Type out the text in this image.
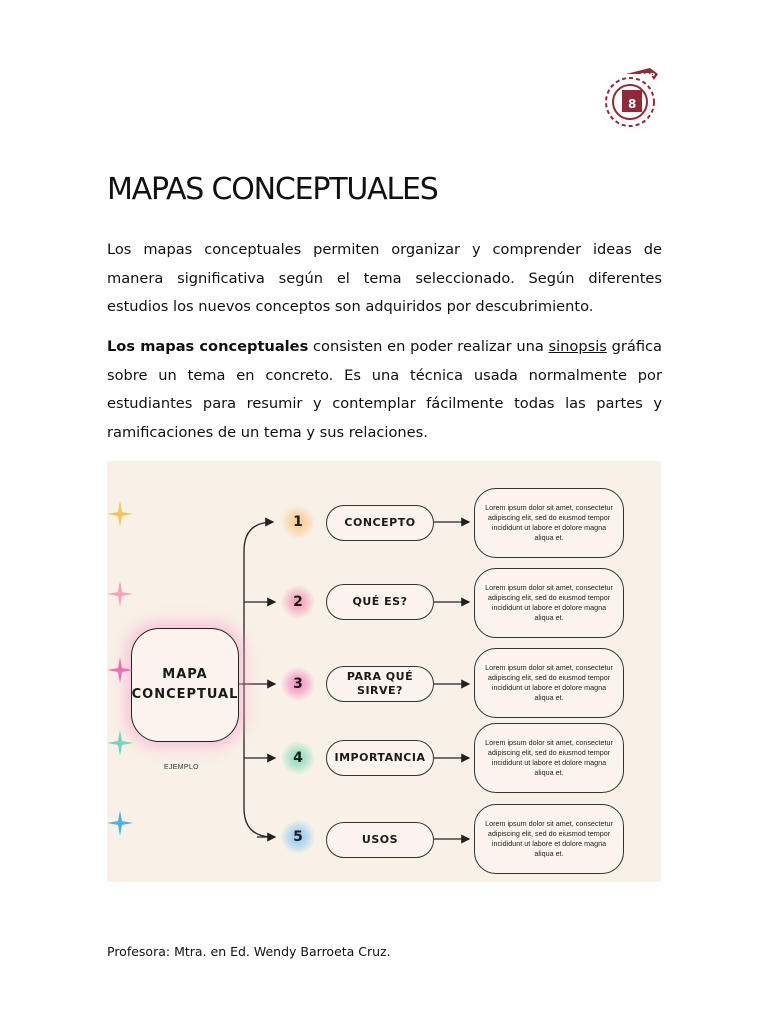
SEP
8
MAPAS CONCEPTUALES

Los mapas conceptuales permiten organizar y comprender ideas de manera significativa según el tema seleccionado. Según diferentes estudios los nuevos conceptos son adquiridos por descubrimiento.

Los mapas conceptuales consisten en poder realizar una sinopsis gráfica sobre un tema en concreto. Es una técnica usada normalmente por estudiantes para resumir y contemplar fácilmente todas las partes y ramificaciones de un tema y sus relaciones.

MAPA
CONCEPTUAL
EJEMPLO
1	CONCEPTO
Lorem ipsum dolor sit amet, consectetur adipiscing elit, sed do eiusmod tempor incididunt ut labore et dolore magna aliqua et.
2	QUÉ ES?
Lorem ipsum dolor sit amet, consectetur adipiscing elit, sed do eiusmod tempor incididunt ut labore et dolore magna aliqua et.
3	PARA QUÉ SIRVE?
Lorem ipsum dolor sit amet, consectetur adipiscing elit, sed do eiusmod tempor incididunt ut labore et dolore magna aliqua et.
4	IMPORTANCIA
Lorem ipsum dolor sit amet, consectetur adipiscing elit, sed do eiusmod tempor incididunt ut labore et dolore magna aliqua et.
5	USOS
Lorem ipsum dolor sit amet, consectetur adipiscing elit, sed do eiusmod tempor incididunt ut labore et dolore magna aliqua et.

Profesora: Mtra. en Ed. Wendy Barroeta Cruz.
